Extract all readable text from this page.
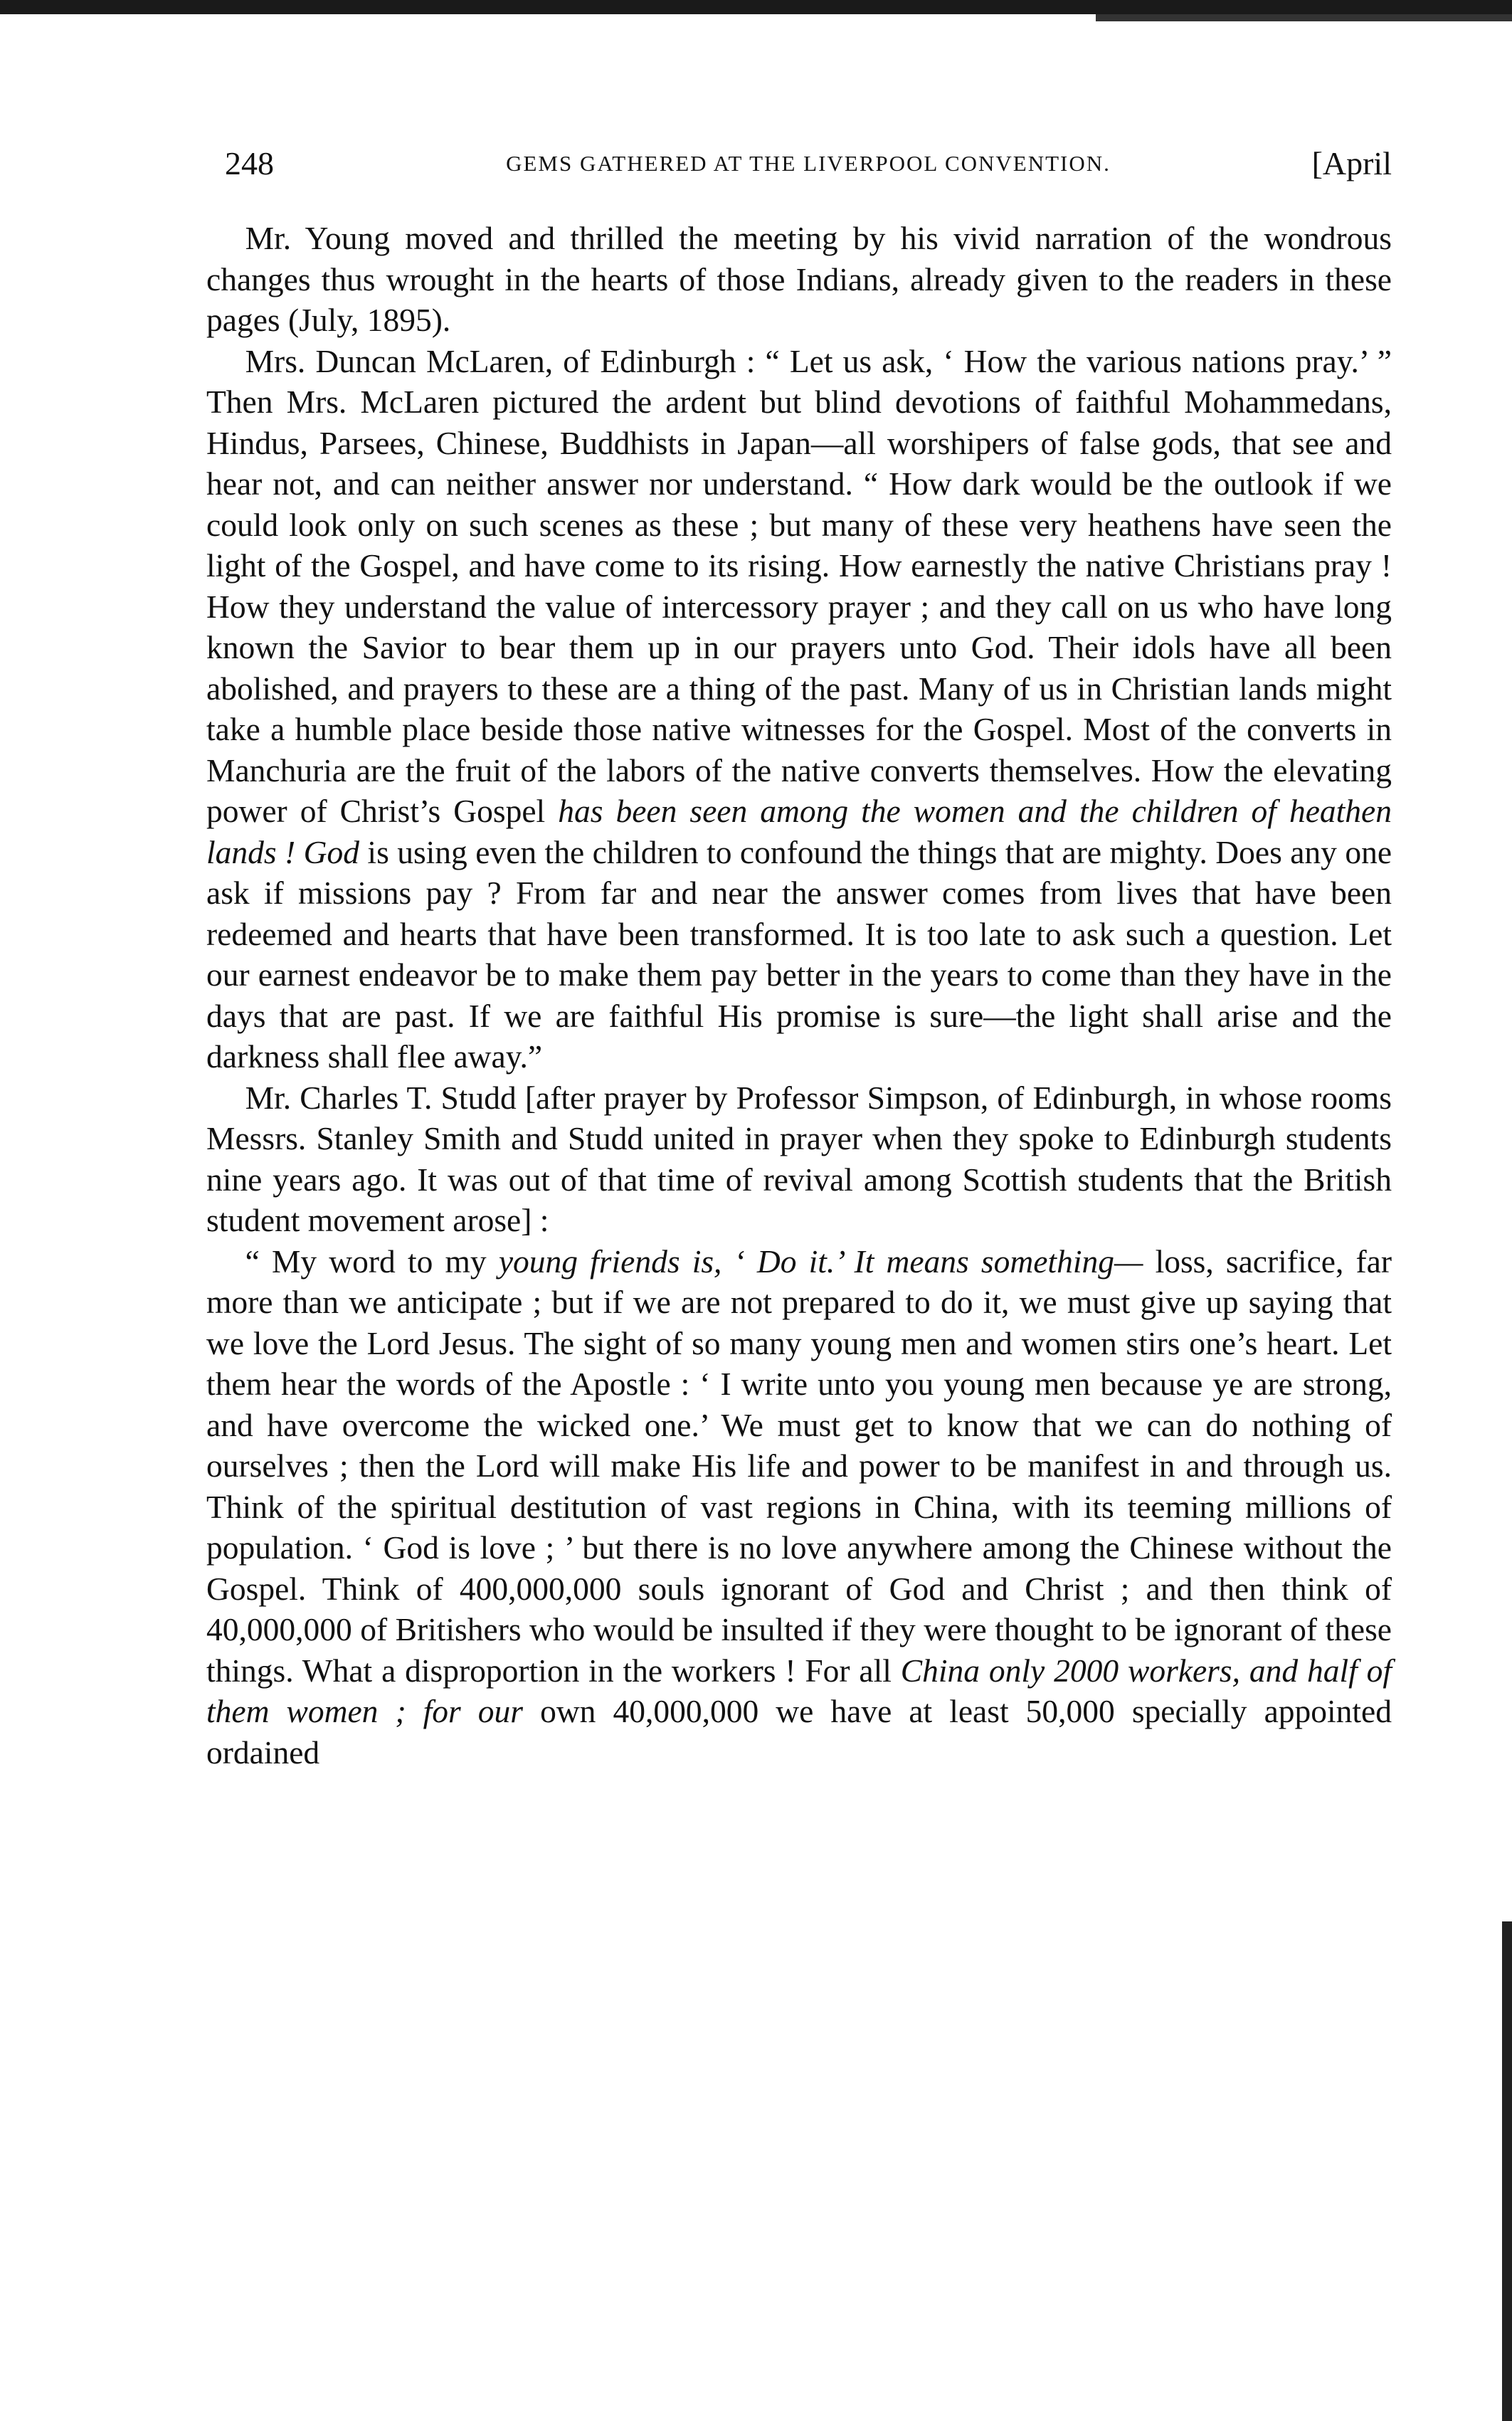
248	GEMS GATHERED AT THE LIVERPOOL CONVENTION.	[April

Mr. Young moved and thrilled the meeting by his vivid narration of the wondrous changes thus wrought in the hearts of those Indians, already given to the readers in these pages (July, 1895).

Mrs. Duncan McLaren, of Edinburgh : “ Let us ask, ‘ How the various nations pray.’ ” Then Mrs. McLaren pictured the ardent but blind devotions of faithful Mohammedans, Hindus, Parsees, Chinese, Buddhists in Japan—all worshipers of false gods, that see and hear not, and can neither answer nor understand. “ How dark would be the outlook if we could look only on such scenes as these ; but many of these very heathens have seen the light of the Gospel, and have come to its rising. How earnestly the native Christians pray ! How they understand the value of intercessory prayer ; and they call on us who have long known the Savior to bear them up in our prayers unto God. Their idols have all been abolished, and prayers to these are a thing of the past. Many of us in Christian lands might take a humble place beside those native witnesses for the Gospel. Most of the converts in Manchuria are the fruit of the labors of the native converts themselves. How the elevating power of Christ’s Gospel has been seen among the women and the children of heathen lands ! God is using even the children to confound the things that are mighty. Does any one ask if missions pay ? From far and near the answer comes from lives that have been redeemed and hearts that have been transformed. It is too late to ask such a question. Let our earnest endeavor be to make them pay better in the years to come than they have in the days that are past. If we are faithful His promise is sure—the light shall arise and the darkness shall flee away.”

Mr. Charles T. Studd [after prayer by Professor Simpson, of Edinburgh, in whose rooms Messrs. Stanley Smith and Studd united in prayer when they spoke to Edinburgh students nine years ago. It was out of that time of revival among Scottish students that the British student movement arose] :

“ My word to my young friends is, ‘ Do it.’ It means something— loss, sacrifice, far more than we anticipate ; but if we are not prepared to do it, we must give up saying that we love the Lord Jesus. The sight of so many young men and women stirs one’s heart. Let them hear the words of the Apostle : ‘ I write unto you young men because ye are strong, and have overcome the wicked one.’ We must get to know that we can do nothing of ourselves ; then the Lord will make His life and power to be manifest in and through us. Think of the spiritual destitution of vast regions in China, with its teeming millions of population. ‘ God is love ; ’ but there is no love anywhere among the Chinese without the Gospel. Think of 400,000,000 souls ignorant of God and Christ ; and then think of 40,000,000 of Britishers who would be insulted if they were thought to be ignorant of these things. What a disproportion in the workers ! For all China only 2000 workers, and half of them women ; for our own 40,000,000 we have at least 50,000 specially appointed ordained
